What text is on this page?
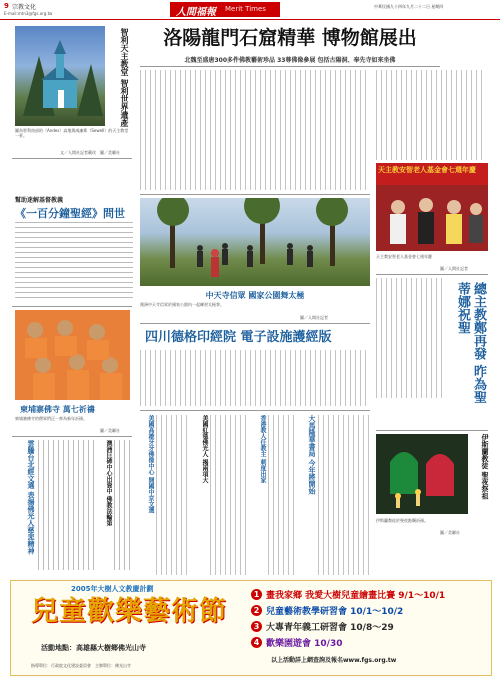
9 宗教文化
E-mail:mtn3@fgs.org.tw	人間福報 Merit Times	中華民國九十四年九月二十二日 星期四
智利天主教堂 智利世界遺產
圖為智利南部的（Andes）高地與威廉斯（Sewell）的天主教堂一景。
文／人間社記者戴玫　圖／美聯社
幫助迷解基督教義
《一百分鐘聖經》問世
柬埔寨佛寺 萬七祈禱
柬埔寨佛寺的僧眾們正一齊為新年祈禱。
圖／美聯社
雲騰台北經文選 表揚佛光人慈悲精神	澳洲巨碑中心出資中 佛教法輪第
洛陽龍門石窟精華 博物館展出
北魏至盛唐300多件佛教藝術珍品 33尊佛像參展 包括古陽洞、奉先寺如來坐佛
中天寺信眾 國家公園舞太極
澳洲中天寺信眾於國家公園內一起練習太極拳。
圖／人間社記者
四川德格印經院 電子設施護經版
美國高雄牙牙佛像中心 開國中京文選	美國紅毯佛光人 揭兩項大	香港教人任教主 刺度出家	大馬隆華書局 今年將開始
天主教安智老人基金會七週年慶
天主教安智老人基金會七週年慶
圖／人間社記者
總主教鄭再發 昨為聖蒂娜祝聖
伊斯蘭教徒 聖夜祭祖
伊斯蘭教徒於聖夜點燭祈禱。
圖／美聯社
2005年大樹人文教慶計劃
兒童歡樂藝術節
活動地點：高雄縣大樹鄉佛光山寺
指導單位：行政院文化建設委員會　主辦單位：佛光山寺
1 畫我家鄉 我愛大樹兒童繪畫比賽 9/1～10/1
2 兒童藝術教學研習會 10/1～10/2
3 大專青年義工研習會 10/8～29
4 歡樂園遊會 10/30
以上活動詳上網查詢及報名www.fgs.org.tw
